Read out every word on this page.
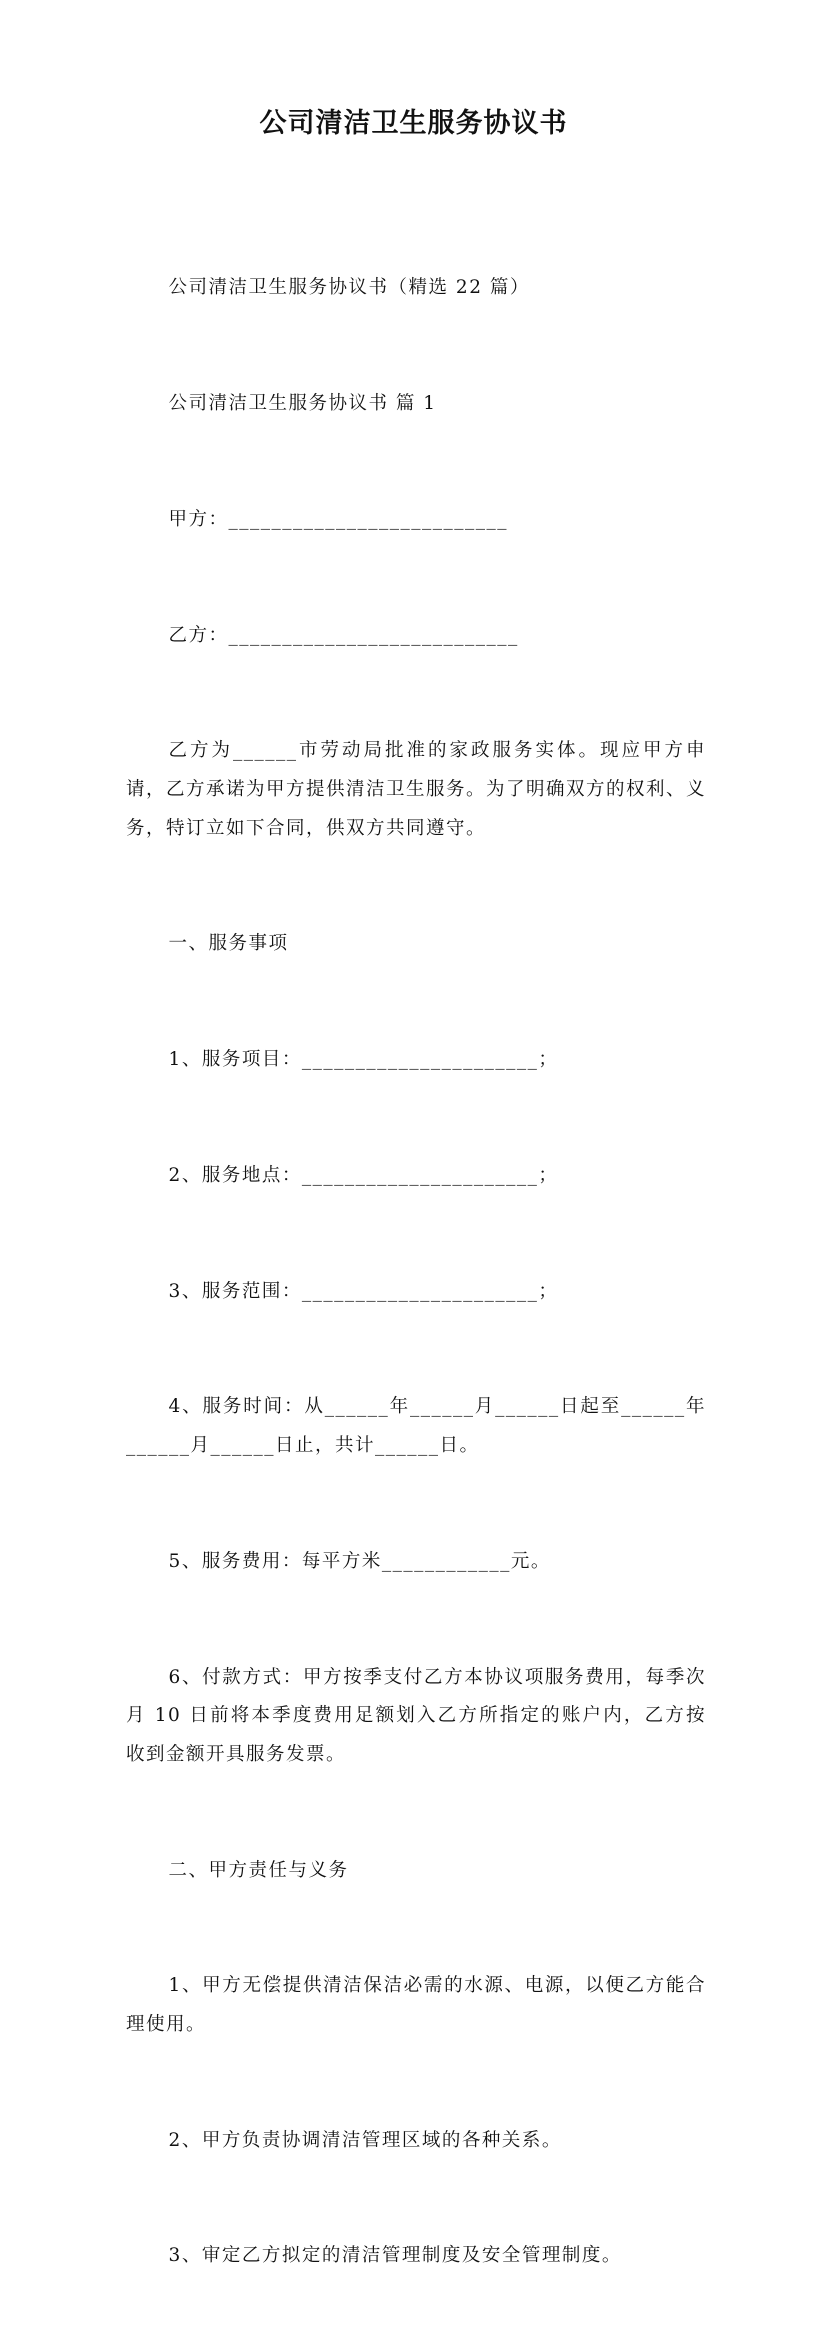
公司清洁卫生服务协议书

公司清洁卫生服务协议书（精选 22 篇）

公司清洁卫生服务协议书 篇 1

甲方：__________________________

乙方：___________________________

乙方为______市劳动局批准的家政服务实体。现应甲方申请，乙方承诺为甲方提供清洁卫生服务。为了明确双方的权利、义务，特订立如下合同，供双方共同遵守。

一、服务事项

1、服务项目：______________________；

2、服务地点：______________________；

3、服务范围：______________________；

4、服务时间：从______年______月______日起至______年______月______日止，共计______日。

5、服务费用：每平方米____________元。

6、付款方式：甲方按季支付乙方本协议项服务费用，每季次月 10 日前将本季度费用足额划入乙方所指定的账户内，乙方按收到金额开具服务发票。

二、甲方责任与义务

1、甲方无偿提供清洁保洁必需的水源、电源，以便乙方能合理使用。

2、甲方负责协调清洁管理区域的各种关系。

3、审定乙方拟定的清洁管理制度及安全管理制度。
